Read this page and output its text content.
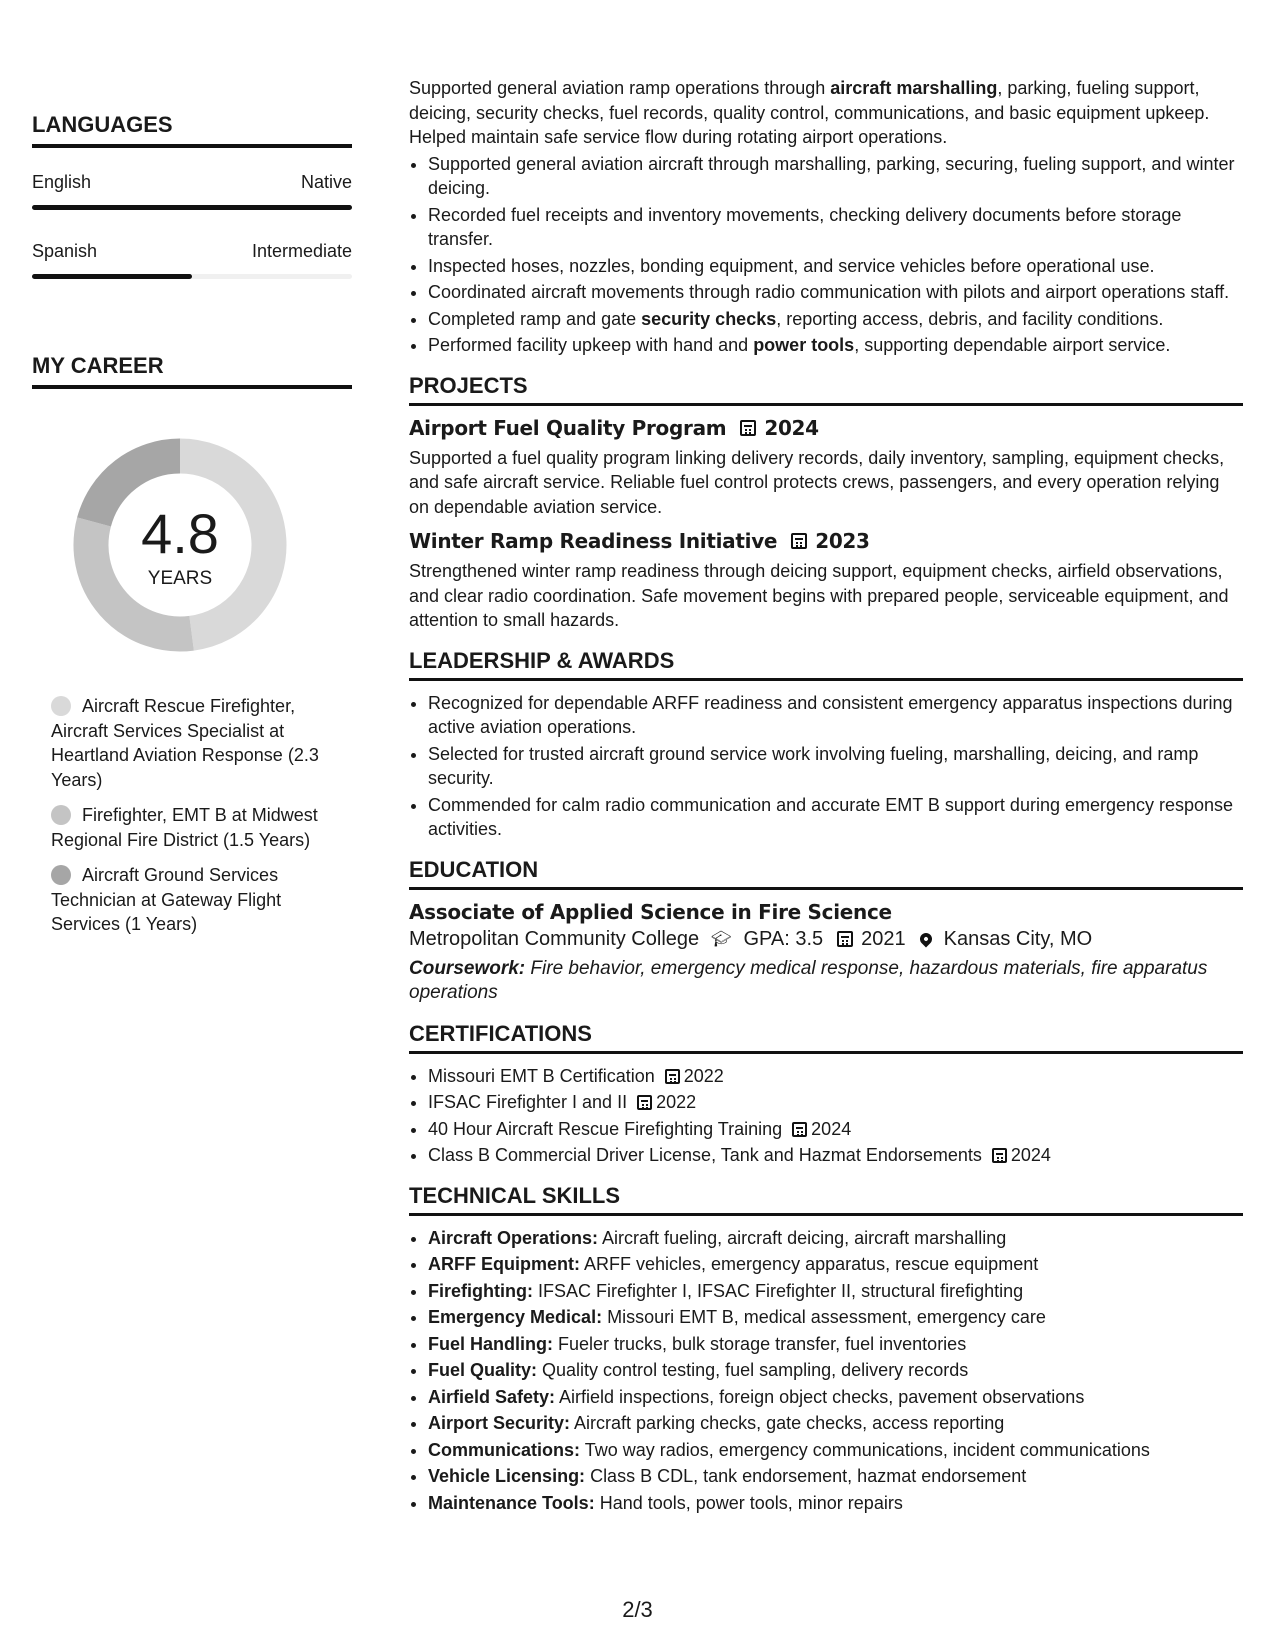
LANGUAGES
English	Native
Spanish	Intermediate
MY CAREER
4.8
YEARS
Aircraft Rescue Firefighter, Aircraft Services Specialist at Heartland Aviation Response (2.3 Years)
Firefighter, EMT B at Midwest Regional Fire District (1.5 Years)
Aircraft Ground Services Technician at Gateway Flight Services (1 Years)

Supported general aviation ramp operations through aircraft marshalling, parking, fueling support, deicing, security checks, fuel records, quality control, communications, and basic equipment upkeep. Helped maintain safe service flow during rotating airport operations.

• Supported general aviation aircraft through marshalling, parking, securing, fueling support, and winter deicing.
• Recorded fuel receipts and inventory movements, checking delivery documents before storage transfer.
• Inspected hoses, nozzles, bonding equipment, and service vehicles before operational use.
• Coordinated aircraft movements through radio communication with pilots and airport operations staff.
• Completed ramp and gate security checks, reporting access, debris, and facility conditions.
• Performed facility upkeep with hand and power tools, supporting dependable airport service.
PROJECTS
Airport Fuel Quality Program 2024

Supported a fuel quality program linking delivery records, daily inventory, sampling, equipment checks, and safe aircraft service. Reliable fuel control protects crews, passengers, and every operation relying on dependable aviation service.

Winter Ramp Readiness Initiative 2023

Strengthened winter ramp readiness through deicing support, equipment checks, airfield observations, and clear radio coordination. Safe movement begins with prepared people, serviceable equipment, and attention to small hazards.

LEADERSHIP & AWARDS
• Recognized for dependable ARFF readiness and consistent emergency apparatus inspections during active aviation operations.
• Selected for trusted aircraft ground service work involving fueling, marshalling, deicing, and ramp security.
• Commended for calm radio communication and accurate EMT B support during emergency response activities.
EDUCATION
Associate of Applied Science in Fire Science
Metropolitan Community College 🎓︎ GPA: 3.5 2021 Kansas City, MO

Coursework: Fire behavior, emergency medical response, hazardous materials, fire apparatus operations

CERTIFICATIONS
• Missouri EMT B Certification 2022
• IFSAC Firefighter I and II 2022
• 40 Hour Aircraft Rescue Firefighting Training 2024
• Class B Commercial Driver License, Tank and Hazmat Endorsements 2024
TECHNICAL SKILLS
• Aircraft Operations: Aircraft fueling, aircraft deicing, aircraft marshalling
• ARFF Equipment: ARFF vehicles, emergency apparatus, rescue equipment
• Firefighting: IFSAC Firefighter I, IFSAC Firefighter II, structural firefighting
• Emergency Medical: Missouri EMT B, medical assessment, emergency care
• Fuel Handling: Fueler trucks, bulk storage transfer, fuel inventories
• Fuel Quality: Quality control testing, fuel sampling, delivery records
• Airfield Safety: Airfield inspections, foreign object checks, pavement observations
• Airport Security: Aircraft parking checks, gate checks, access reporting
• Communications: Two way radios, emergency communications, incident communications
• Vehicle Licensing: Class B CDL, tank endorsement, hazmat endorsement
• Maintenance Tools: Hand tools, power tools, minor repairs
2/3
